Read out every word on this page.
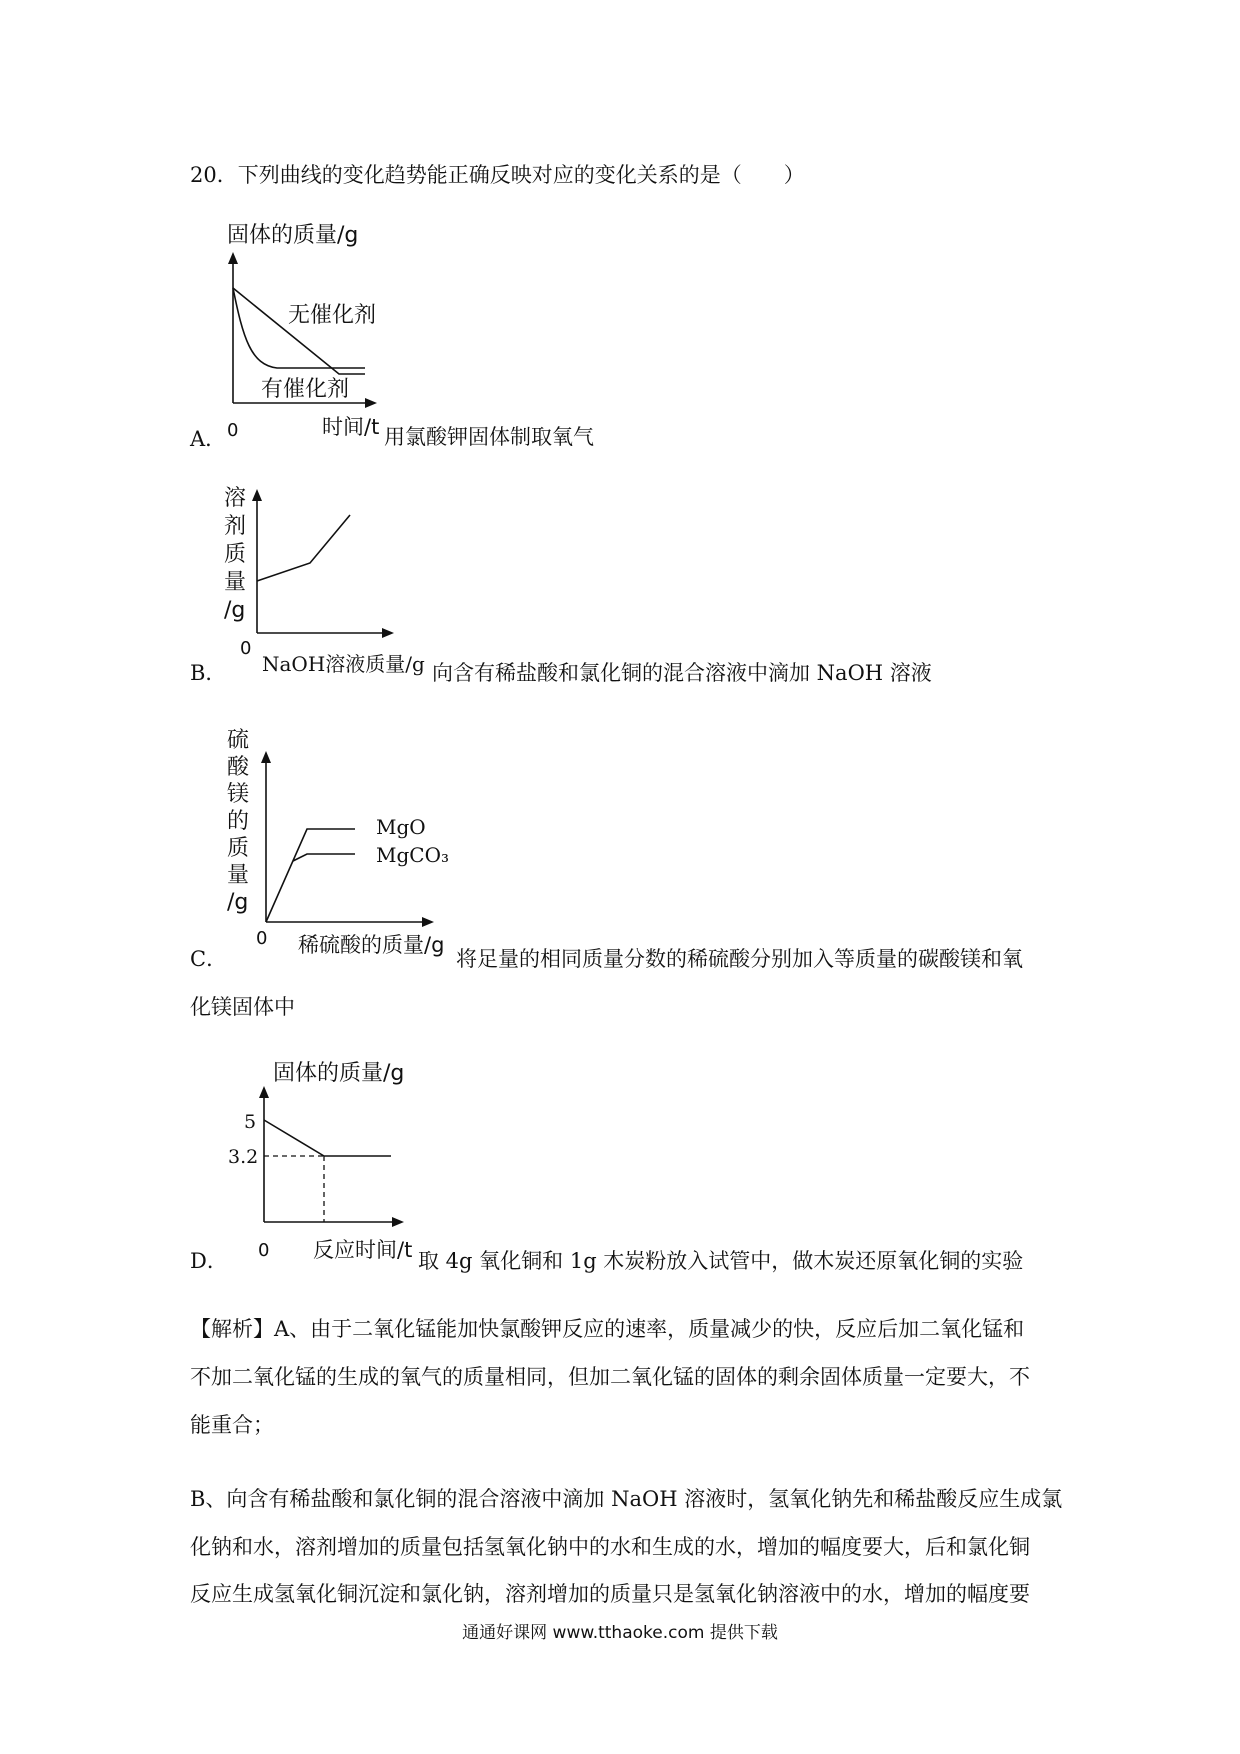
20．下列曲线的变化趋势能正确反映对应的变化关系的是（　　）
固体的质量/g
无催化剂
有催化剂
A． 0	时间/t 用氯酸钾固体制取氧气
溶 剂 质 量 /g
B．
0
NaOH溶液质量/g 向含有稀盐酸和氯化铜的混合溶液中滴加 NaOH 溶液
硫 酸 镁 的 质 量 /g
MgO
MgCO₃
C．
0 稀硫酸的质量/g
将足量的相同质量分数的稀硫酸分别加入等质量的碳酸镁和氧
化镁固体中
固体的质量/g
5
3.2
D． 0 反应时间/t 取 4g 氧化铜和 1g 木炭粉放入试管中，做木炭还原氧化铜的实验
【解析】A、由于二氧化锰能加快氯酸钾反应的速率，质量减少的快，反应后加二氧化锰和
不加二氧化锰的生成的氧气的质量相同，但加二氧化锰的固体的剩余固体质量一定要大，不
能重合；
B、向含有稀盐酸和氯化铜的混合溶液中滴加 NaOH 溶液时，氢氧化钠先和稀盐酸反应生成氯
化钠和水，溶剂增加的质量包括氢氧化钠中的水和生成的水，增加的幅度要大，后和氯化铜
反应生成氢氧化铜沉淀和氯化钠，溶剂增加的质量只是氢氧化钠溶液中的水，增加的幅度要
通通好课网 www.tthaoke.com 提供下载
